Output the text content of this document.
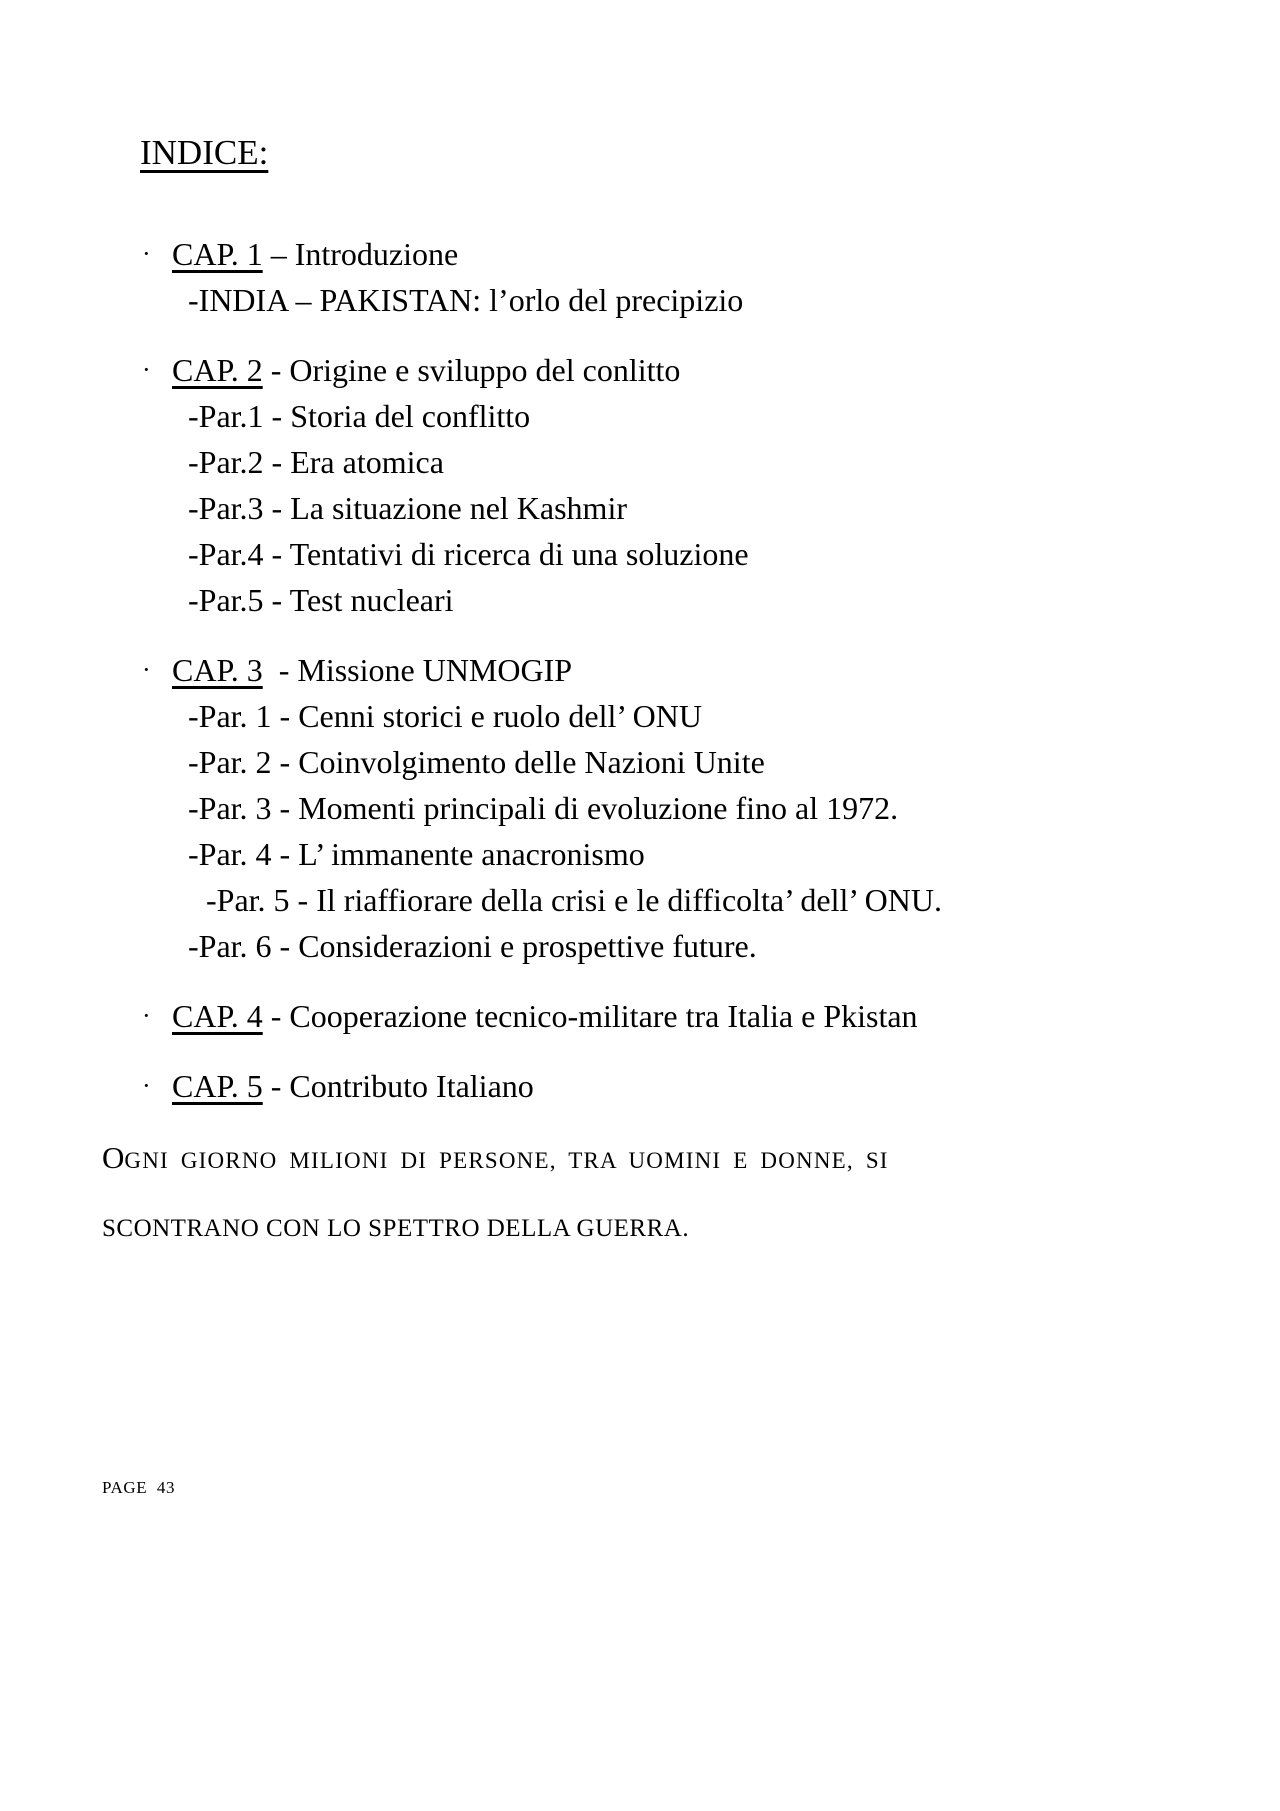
INDICE:
· CAP. 1 – Introduzione
-INDIA – PAKISTAN: l’orlo del precipizio
· CAP. 2 - Origine e sviluppo del conlitto
-Par.1 - Storia del conflitto
-Par.2 - Era atomica
-Par.3 - La situazione nel Kashmir
-Par.4 - Tentativi di ricerca di una soluzione
-Par.5 - Test nucleari
· CAP. 3  - Missione UNMOGIP
-Par. 1 - Cenni storici e ruolo dell’ ONU
-Par. 2 - Coinvolgimento delle Nazioni Unite
-Par. 3 - Momenti principali di evoluzione fino al 1972.
-Par. 4 - L’ immanente anacronismo
-Par. 5 - Il riaffiorare della crisi e le difficolta’ dell’ ONU.
-Par. 6 - Considerazioni e prospettive future.
· CAP. 4 - Cooperazione tecnico-militare tra Italia e Pkistan
· CAP. 5 - Contributo Italiano

OGNI GIORNO MILIONI DI PERSONE, TRA UOMINI E DONNE, SI
SCONTRANO CON LO SPETTRO DELLA GUERRA.

PAGE  43
